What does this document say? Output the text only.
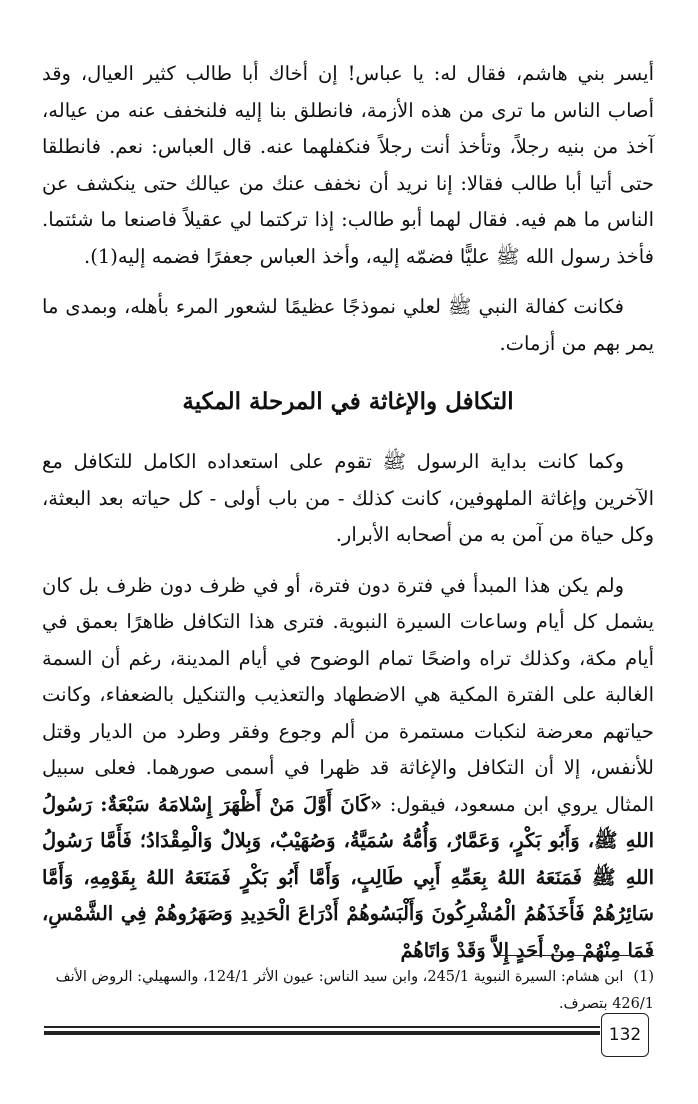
أيسر بني هاشم، فقال له: يا عباس! إن أخاك أبا طالب كثير العيال، وقد أصاب الناس ما ترى من هذه الأزمة، فانطلق بنا إليه فلنخفف عنه من عياله، آخذ من بنيه رجلاً، وتأخذ أنت رجلاً فنكفلهما عنه. قال العباس: نعم. فانطلقا حتى أتيا أبا طالب فقالا: إنا نريد أن نخفف عنك من عيالك حتى ينكشف عن الناس ما هم فيه. فقال لهما أبو طالب: إذا تركتما لي عقيلاً فاصنعا ما شئتما. فأخذ رسول الله ﷺ عليًّا فضمّه إليه، وأخذ العباس جعفرًا فضمه إليه(1).

فكانت كفالة النبي ﷺ لعلي نموذجًا عظيمًا لشعور المرء بأهله، وبمدى ما يمر بهم من أزمات.

التكافل والإغاثة في المرحلة المكية

وكما كانت بداية الرسول ﷺ تقوم على استعداده الكامل للتكافل مع الآخرين وإغاثة الملهوفين، كانت كذلك - من باب أولى - كل حياته بعد البعثة، وكل حياة من آمن به من أصحابه الأبرار.

ولم يكن هذا المبدأ في فترة دون فترة، أو في ظرف دون ظرف بل كان يشمل كل أيام وساعات السيرة النبوية. فترى هذا التكافل ظاهرًا بعمق في أيام مكة، وكذلك تراه واضحًا تمام الوضوح في أيام المدينة، رغم أن السمة الغالبة على الفترة المكية هي الاضطهاد والتعذيب والتنكيل بالضعفاء، وكانت حياتهم معرضة لنكبات مستمرة من ألم وجوع وفقر وطرد من الديار وقتل للأنفس، إلا أن التكافل والإغاثة قد ظهرا في أسمى صورهما. فعلى سبيل المثال يروي ابن مسعود، فيقول: «كَانَ أَوَّلَ مَنْ أَظْهَرَ إِسْلامَهُ سَبْعَةٌ: رَسُولُ اللهِ ﷺ، وَأَبُو بَكْرٍ، وَعَمَّارٌ، وَأُمُّهُ سُمَيَّةُ، وَصُهَيْبٌ، وَبِلالٌ وَالْمِقْدَادُ؛ فَأَمَّا رَسُولُ اللهِ ﷺ فَمَنَعَهُ اللهُ بِعَمِّهِ أَبِي طَالِبٍ، وَأَمَّا أَبُو بَكْرٍ فَمَنَعَهُ اللهُ بِقَوْمِهِ، وَأَمَّا سَائِرُهُمْ فَأَخَذَهُمُ الْمُشْرِكُونَ وَأَلْبَسُوهُمْ أَدْرَاعَ الْحَدِيدِ وَصَهَرُوهُمْ فِي الشَّمْسِ، فَمَا مِنْهُمْ مِنْ أَحَدٍ إِلاَّ وَقَدْ وَاتَاهُمْ

(1)ابن هشام: السيرة النبوية 245/1، وابن سيد الناس: عيون الأثر 124/1، والسهيلي: الروض الأنف 426/1 بتصرف.
132
